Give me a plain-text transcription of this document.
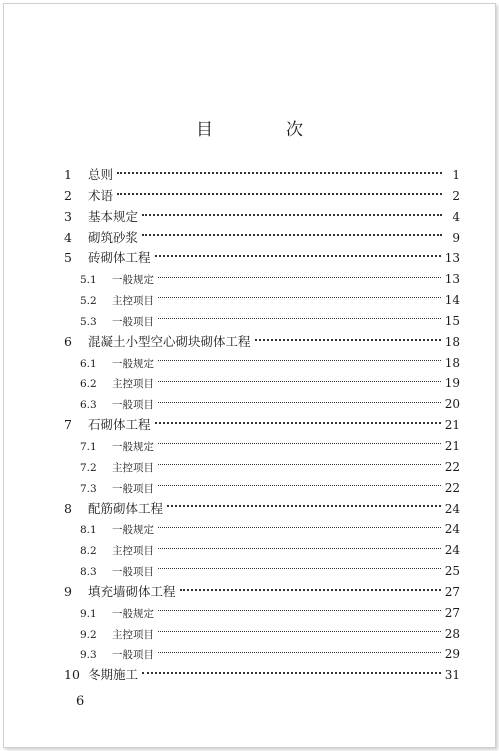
目　次
1	总则	1
2	术语	2
3	基本规定	4
4	砌筑砂浆	9
5	砖砌体工程	13
5.1	一般规定	13
5.2	主控项目	14
5.3	一般项目	15
6	混凝土小型空心砌块砌体工程	18
6.1	一般规定	18
6.2	主控项目	19
6.3	一般项目	20
7	石砌体工程	21
7.1	一般规定	21
7.2	主控项目	22
7.3	一般项目	22
8	配筋砌体工程	24
8.1	一般规定	24
8.2	主控项目	24
8.3	一般项目	25
9	填充墙砌体工程	27
9.1	一般规定	27
9.2	主控项目	28
9.3	一般项目	29
10 冬期施工	31
6
